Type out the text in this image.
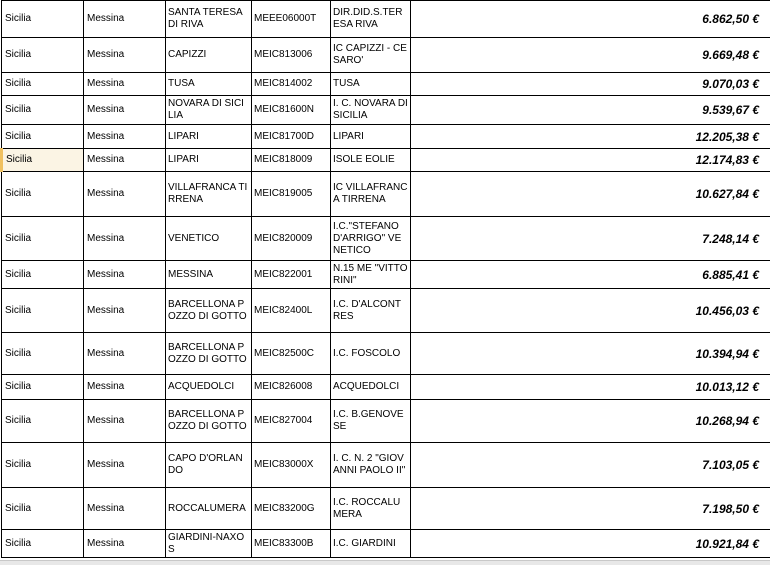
Sicilia	Messina	SANTA TERESA DI RIVA	MEEE06000T	DIR.DID.S.TERESA RIVA	6.862,50 €
Sicilia	Messina	CAPIZZI	MEIC813006	IC CAPIZZI - CESARO'	9.669,48 €
Sicilia	Messina	TUSA	MEIC814002	TUSA	9.070,03 €
Sicilia	Messina	NOVARA DI SICILIA	MEIC81600N	I. C. NOVARA DI SICILIA	9.539,67 €
Sicilia	Messina	LIPARI	MEIC81700D	LIPARI	12.205,38 €
Sicilia	Messina	LIPARI	MEIC818009	ISOLE EOLIE	12.174,83 €
Sicilia	Messina	VILLAFRANCA TIRRENA	MEIC819005	IC VILLAFRANCA TIRRENA	10.627,84 €
Sicilia	Messina	VENETICO	MEIC820009	I.C."STEFANO D'ARRIGO" VENETICO	7.248,14 €
Sicilia	Messina	MESSINA	MEIC822001	N.15 ME "VITTORINI"	6.885,41 €
Sicilia	Messina	BARCELLONA POZZO DI GOTTO	MEIC82400L	I.C. D'ALCONTRES	10.456,03 €
Sicilia	Messina	BARCELLONA POZZO DI GOTTO	MEIC82500C	I.C. FOSCOLO	10.394,94 €
Sicilia	Messina	ACQUEDOLCI	MEIC826008	ACQUEDOLCI	10.013,12 €
Sicilia	Messina	BARCELLONA POZZO DI GOTTO	MEIC827004	I.C. B.GENOVESE	10.268,94 €
Sicilia	Messina	CAPO D'ORLANDO	MEIC83000X	I. C. N. 2 "GIOVANNI PAOLO II"	7.103,05 €
Sicilia	Messina	ROCCALUMERA	MEIC83200G	I.C. ROCCALUMERA	7.198,50 €
Sicilia	Messina	GIARDINI-NAXOS	MEIC83300B	I.C. GIARDINI	10.921,84 €
